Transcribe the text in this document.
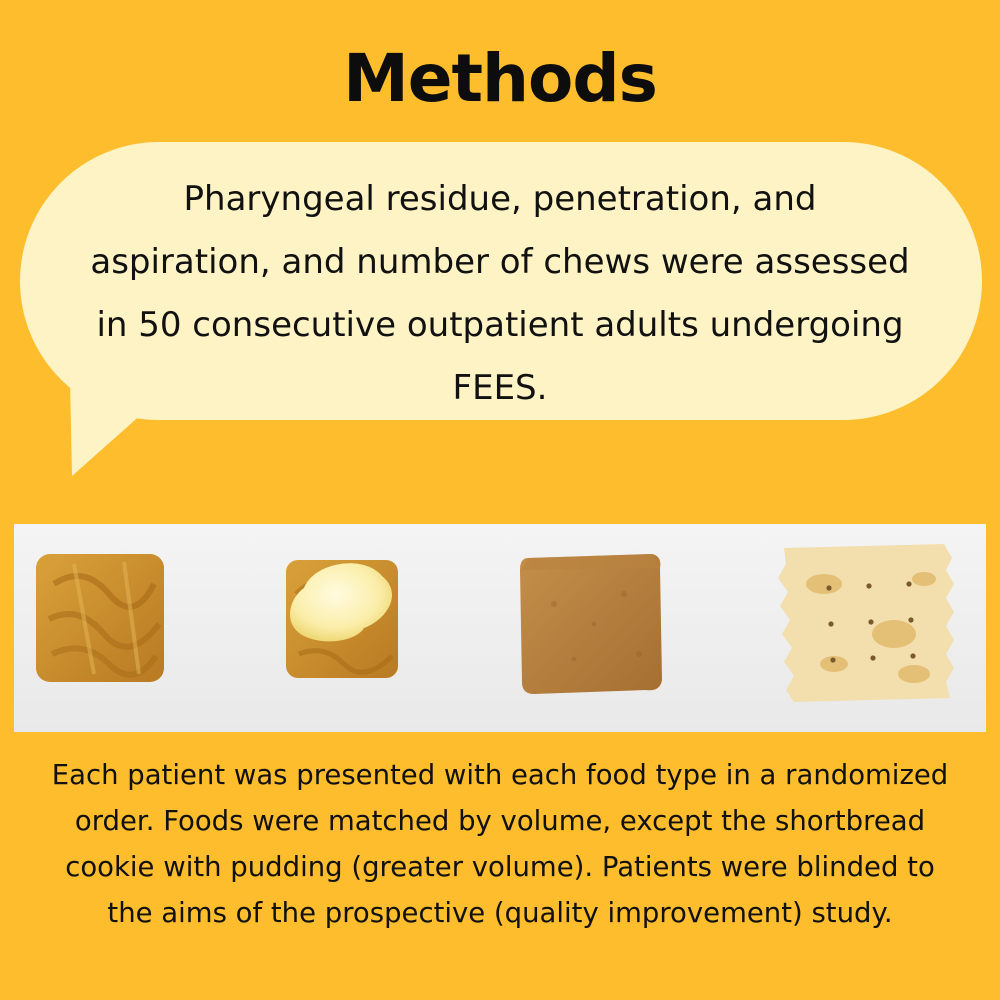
Methods

Pharyngeal residue, penetration, and aspiration, and number of chews were assessed in 50 consecutive outpatient adults undergoing FEES.

Each patient was presented with each food type in a randomized order. Foods were matched by volume, except the shortbread cookie with pudding (greater volume). Patients were blinded to the aims of the prospective (quality improvement) study.
